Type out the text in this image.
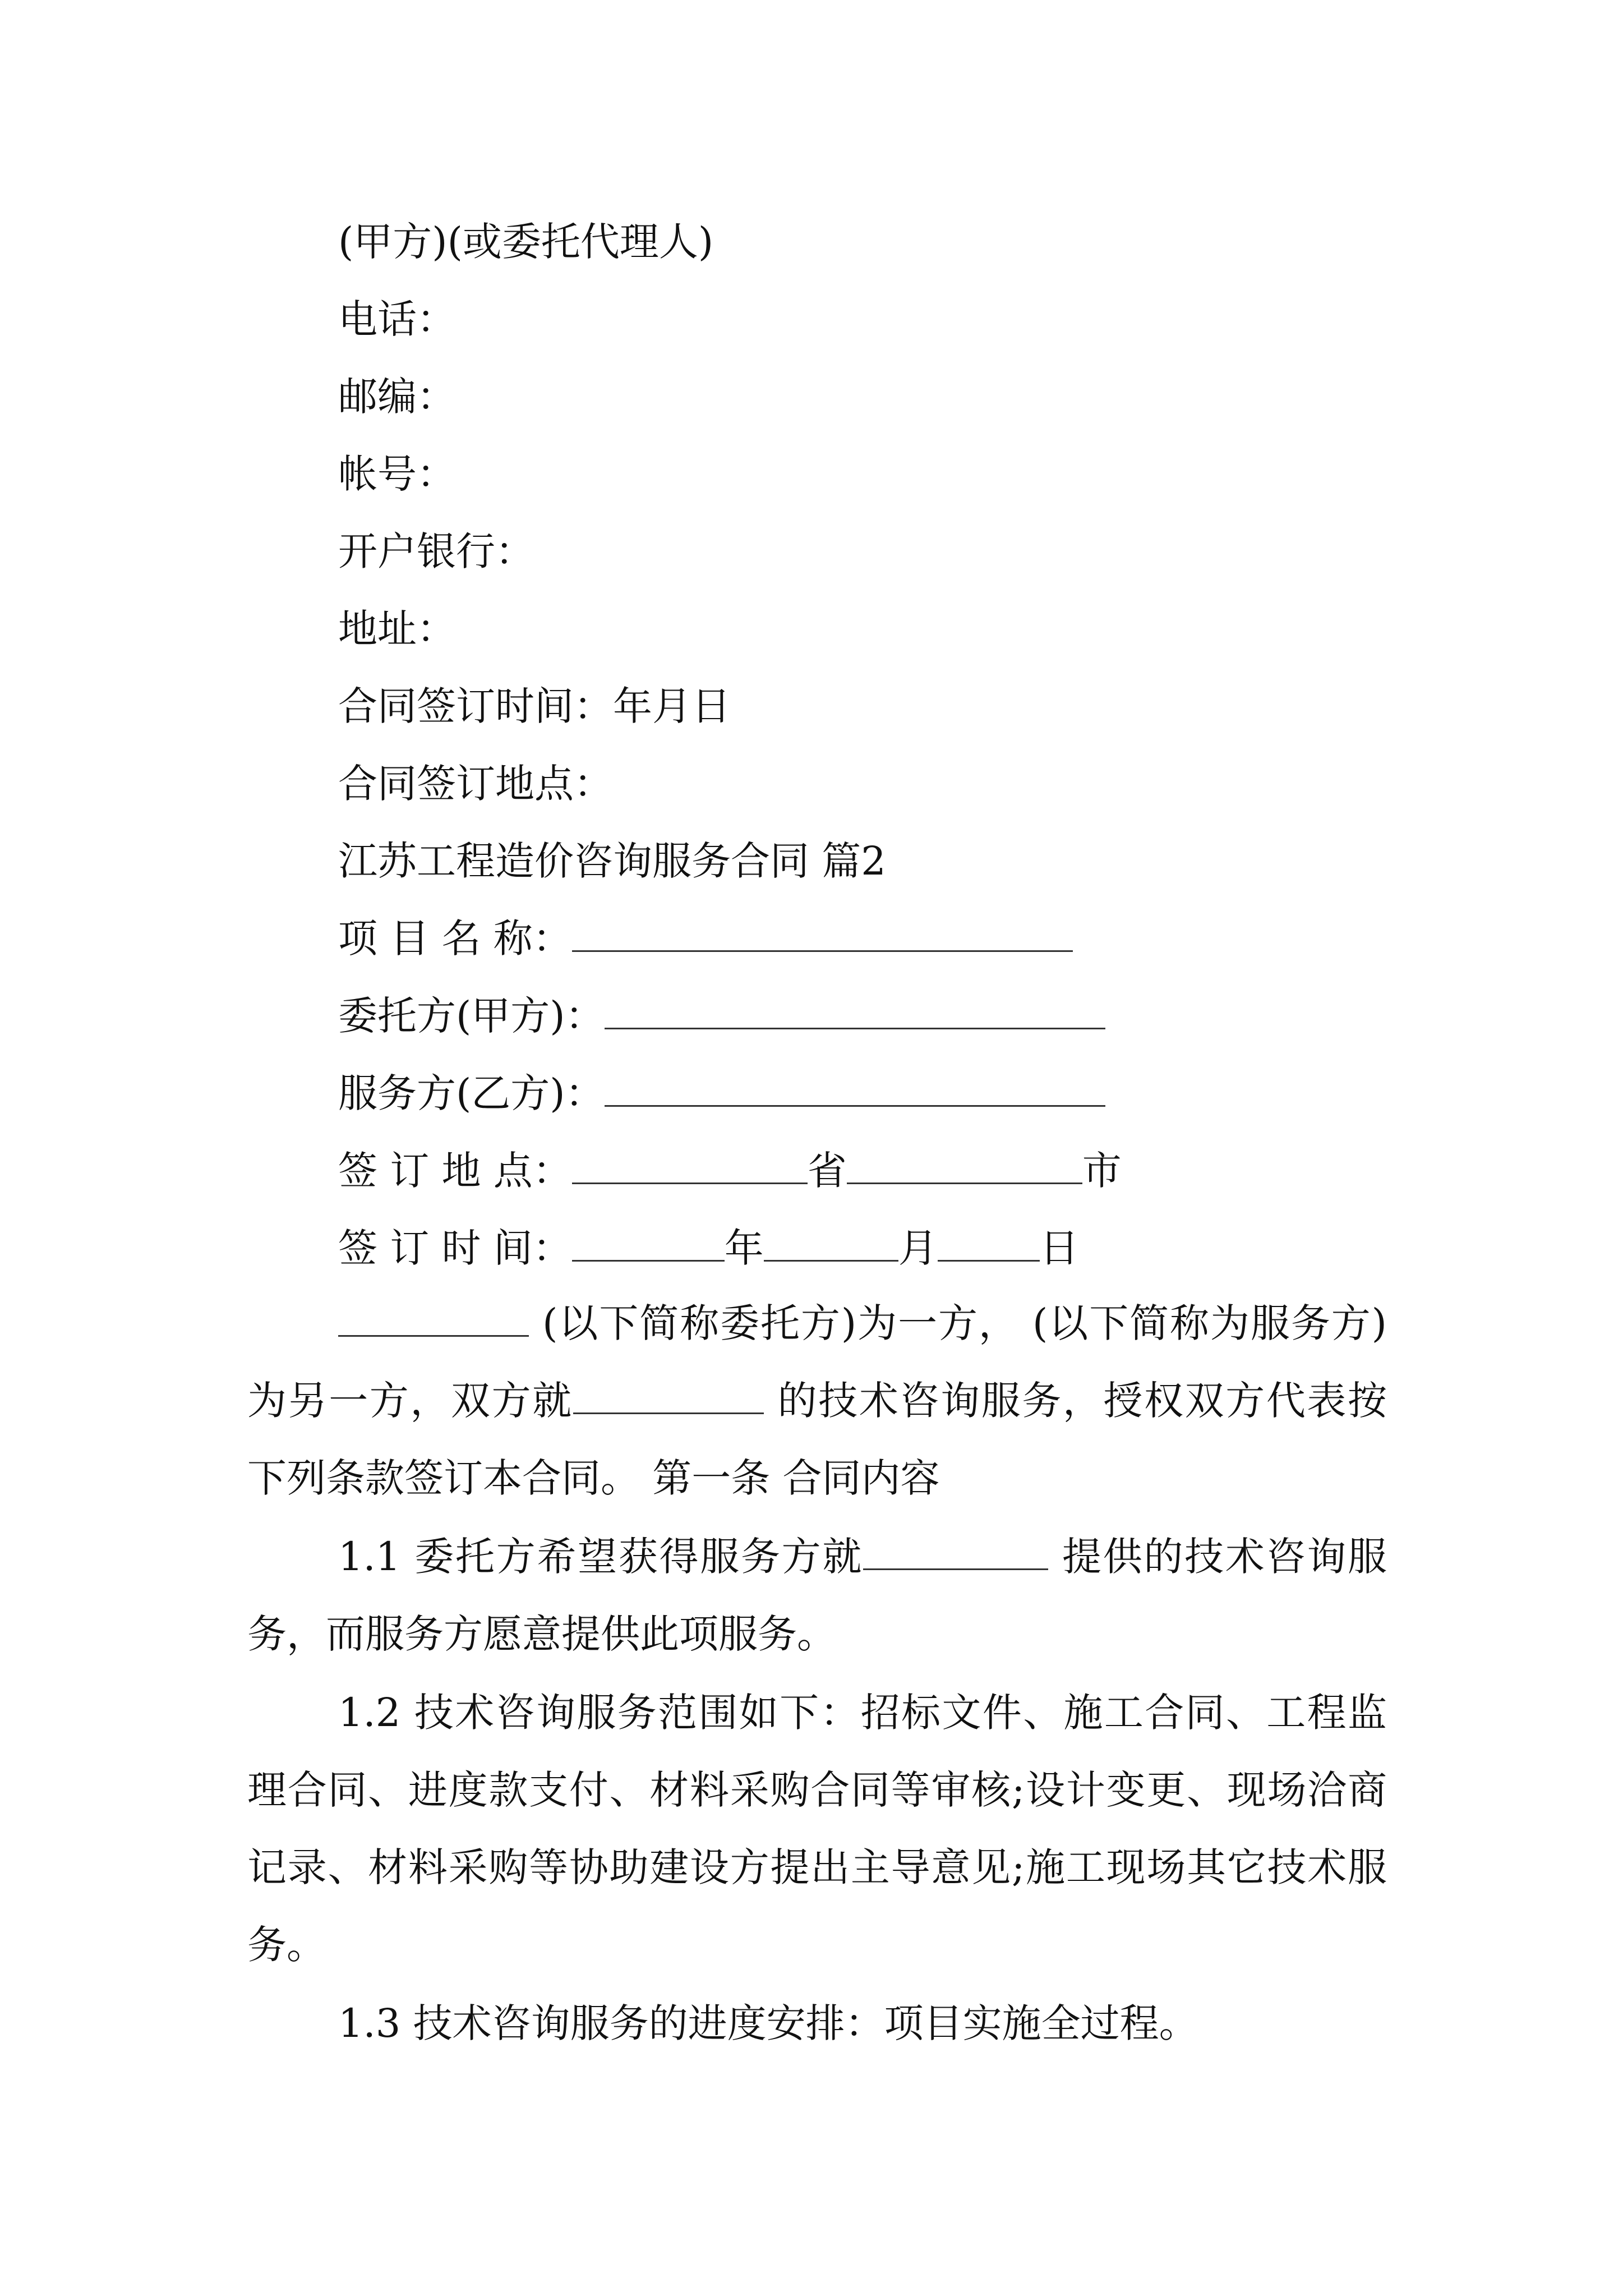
(甲方)(或委托代理人)
电话：
邮编：
帐号：
开户银行：
地址：
合同签订时间：年月日
合同签订地点：
江苏工程造价咨询服务合同 篇2
项 目 名 称：
委托方(甲方)：
服务方(乙方)：
签 订 地 点：	省	市
签 订 时 间：	年	月	日
(以下简称委托方)为一方， (以下简称为服务方)为另一方，双方就	的技术咨询服务，授权双方代表按下列条款签订本合同。 第一条 合同内容
1.1 委托方希望获得服务方就	提供的技术咨询服务，而服务方愿意提供此项服务。
1.2 技术咨询服务范围如下：招标文件、施工合同、工程监理合同、进度款支付、材料采购合同等审核;设计变更、现场洽商记录、材料采购等协助建设方提出主导意见;施工现场其它技术服务。
1.3 技术咨询服务的进度安排：项目实施全过程。
